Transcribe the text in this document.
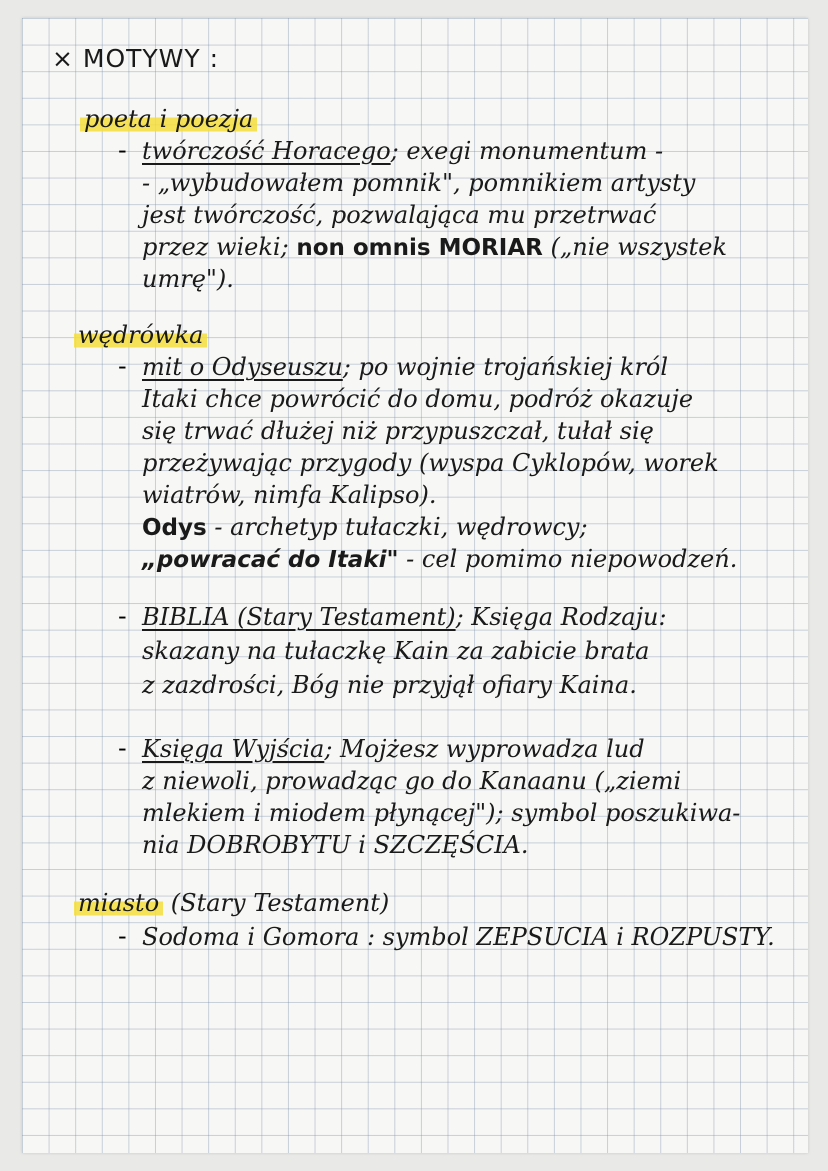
× MOTYWY :
poeta i poezja
- twórczość Horacego; exegi monumentum -
- „wybudowałem pomnik", pomnikiem artysty
jest twórczość, pozwalająca mu przetrwać
przez wieki; non omnis MORIAR („nie wszystek
umrę").
wędrówka
- mit o Odyseuszu; po wojnie trojańskiej król
Itaki chce powrócić do domu, podróż okazuje
się trwać dłużej niż przypuszczał, tułał się
przeżywając przygody (wyspa Cyklopów, worek
wiatrów, nimfa Kalipso).
Odys - archetyp tułaczki, wędrowcy;
„powracać do Itaki" - cel pomimo niepowodzeń.
- BIBLIA (Stary Testament); Księga Rodzaju:
skazany na tułaczkę Kain za zabicie brata
z zazdrości, Bóg nie przyjął ofiary Kaina.
- Księga Wyjścia; Mojżesz wyprowadza lud
z niewoli, prowadząc go do Kanaanu („ziemi
mlekiem i miodem płynącej"); symbol poszukiwa-
nia DOBROBYTU i SZCZĘŚCIA.
miasto (Stary Testament)
- Sodoma i Gomora : symbol ZEPSUCIA i ROZPUSTY.
